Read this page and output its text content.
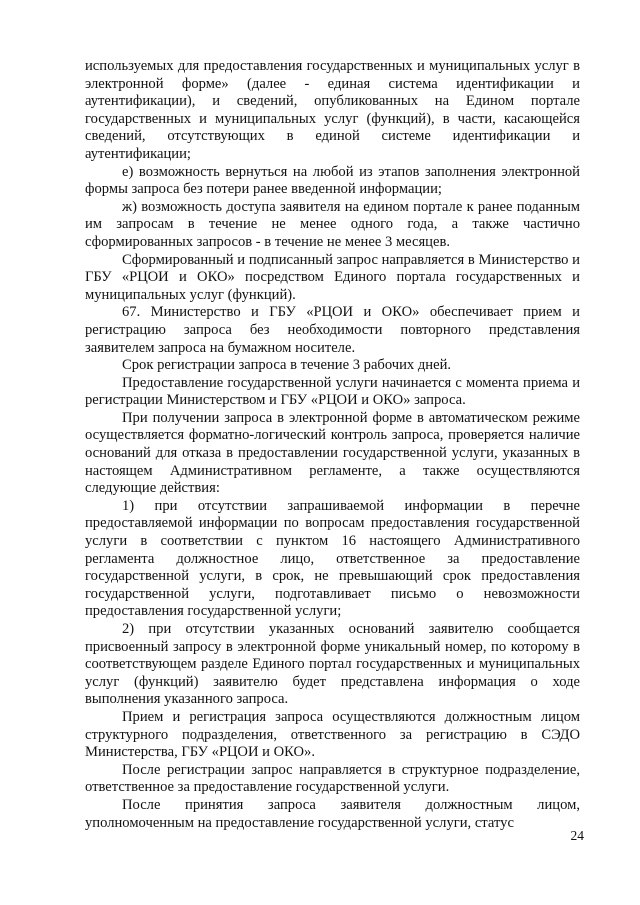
используемых для предоставления государственных и муниципальных услуг в электронной форме» (далее - единая система идентификации и аутентификации), и сведений, опубликованных на Едином портале государственных и муниципальных услуг (функций), в части, касающейся сведений, отсутствующих в единой системе идентификации и аутентификации;

е) возможность вернуться на любой из этапов заполнения электронной формы запроса без потери ранее введенной информации;

ж) возможность доступа заявителя на едином портале к ранее поданным им запросам в течение не менее одного года, а также частично сформированных запросов - в течение не менее 3 месяцев.

Сформированный и подписанный запрос направляется в Министерство и ГБУ «РЦОИ и ОКО» посредством Единого портала государственных и муниципальных услуг (функций).

67. Министерство и ГБУ «РЦОИ и ОКО» обеспечивает прием и регистрацию запроса без необходимости повторного представления заявителем запроса на бумажном носителе.

Срок регистрации запроса в течение 3 рабочих дней.

Предоставление государственной услуги начинается с момента приема и регистрации Министерством и ГБУ «РЦОИ и ОКО» запроса.

При получении запроса в электронной форме в автоматическом режиме осуществляется форматно-логический контроль запроса, проверяется наличие оснований для отказа в предоставлении государственной услуги, указанных в настоящем Административном регламенте, а также осуществляются следующие действия:

1) при отсутствии запрашиваемой информации в перечне предоставляемой информации по вопросам предоставления государственной услуги в соответствии с пунктом 16 настоящего Административного регламента должностное лицо, ответственное за предоставление государственной услуги, в срок, не превышающий срок предоставления государственной услуги, подготавливает письмо о невозможности предоставления государственной услуги;

2) при отсутствии указанных оснований заявителю сообщается присвоенный запросу в электронной форме уникальный номер, по которому в соответствующем разделе Единого портал государственных и муниципальных услуг (функций) заявителю будет представлена информация о ходе выполнения указанного запроса.

Прием и регистрация запроса осуществляются должностным лицом структурного подразделения, ответственного за регистрацию в СЭДО Министерства, ГБУ «РЦОИ и ОКО».

После регистрации запрос направляется в структурное подразделение, ответственное за предоставление государственной услуги.

После принятия запроса заявителя должностным лицом, уполномоченным на предоставление государственной услуги, статус

24
